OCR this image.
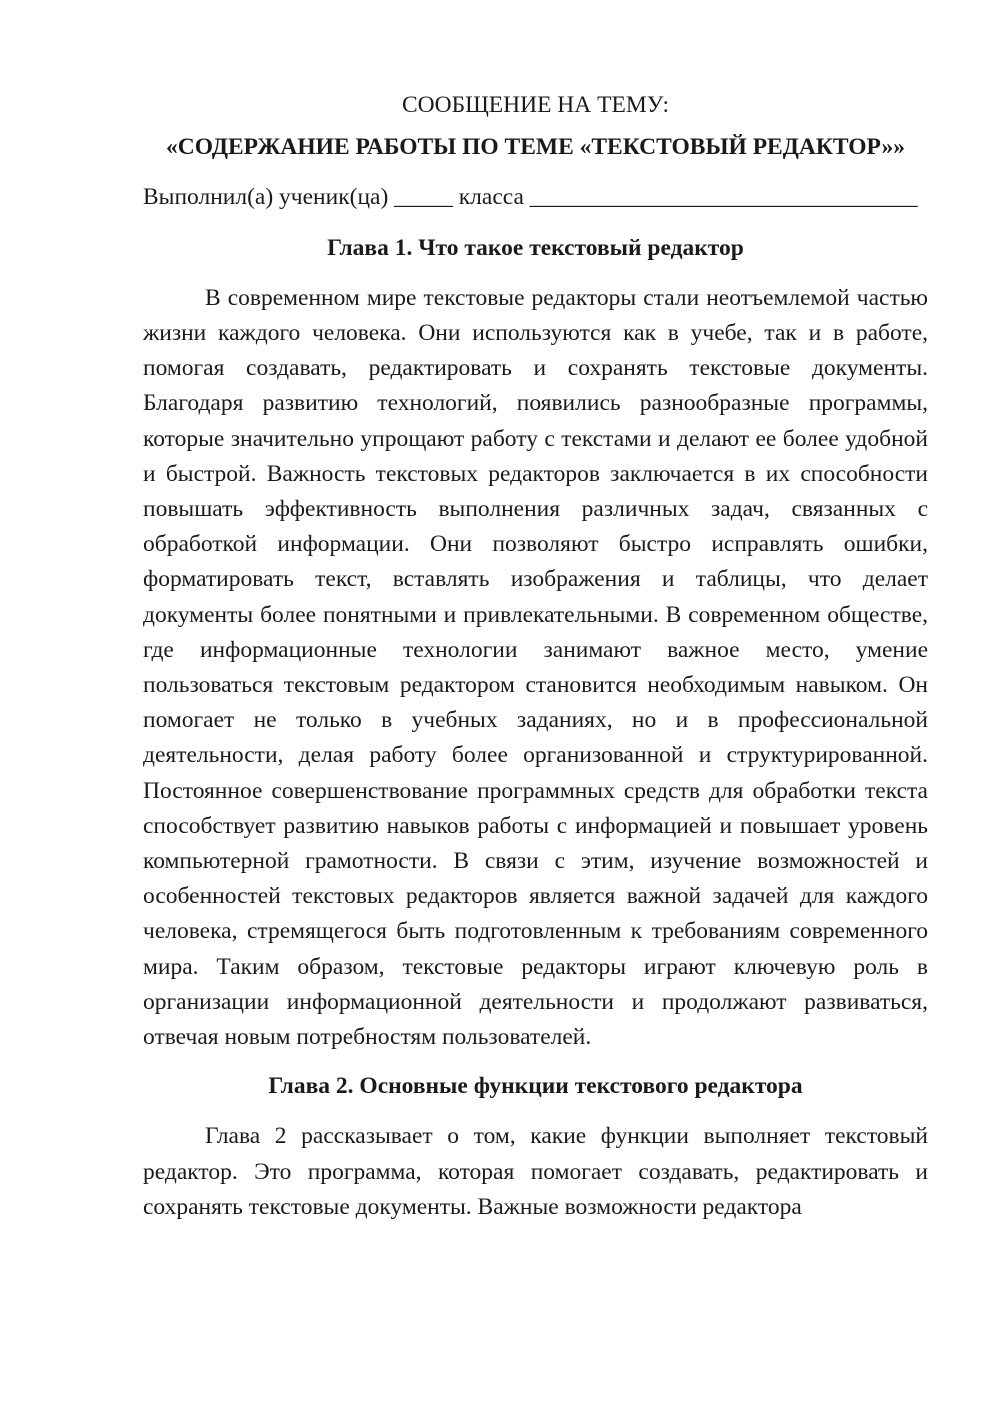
СООБЩЕНИЕ НА ТЕМУ:

«СОДЕРЖАНИЕ РАБОТЫ ПО ТЕМЕ «ТЕКСТОВЫЙ РЕДАКТОР»»

Выполнил(а) ученик(ца) _____ класса _________________________________

Глава 1. Что такое текстовый редактор

В современном мире текстовые редакторы стали неотъемлемой частью жизни каждого человека. Они используются как в учебе, так и в работе, помогая создавать, редактировать и сохранять текстовые документы. Благодаря развитию технологий, появились разнообразные программы, которые значительно упрощают работу с текстами и делают ее более удобной и быстрой. Важность текстовых редакторов заключается в их способности повышать эффективность выполнения различных задач, связанных с обработкой информации. Они позволяют быстро исправлять ошибки, форматировать текст, вставлять изображения и таблицы, что делает документы более понятными и привлекательными. В современном обществе, где информационные технологии занимают важное место, умение пользоваться текстовым редактором становится необходимым навыком. Он помогает не только в учебных заданиях, но и в профессиональной деятельности, делая работу более организованной и структурированной. Постоянное совершенствование программных средств для обработки текста способствует развитию навыков работы с информацией и повышает уровень компьютерной грамотности. В связи с этим, изучение возможностей и особенностей текстовых редакторов является важной задачей для каждого человека, стремящегося быть подготовленным к требованиям современного мира. Таким образом, текстовые редакторы играют ключевую роль в организации информационной деятельности и продолжают развиваться, отвечая новым потребностям пользователей.

Глава 2. Основные функции текстового редактора

Глава 2 рассказывает о том, какие функции выполняет текстовый редактор. Это программа, которая помогает создавать, редактировать и сохранять текстовые документы. Важные возможности редактора
